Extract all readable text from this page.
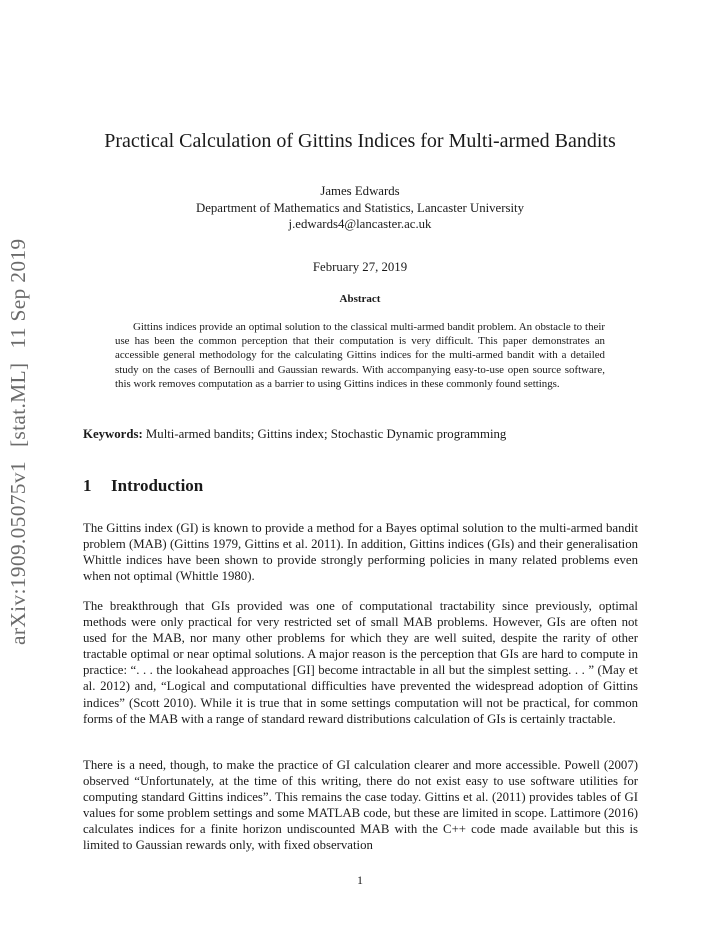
arXiv:1909.05075v1[stat.ML]11 Sep 2019
Practical Calculation of Gittins Indices for Multi-armed Bandits
James Edwards
Department of Mathematics and Statistics, Lancaster University
j.edwards4@lancaster.ac.uk
February 27, 2019
Abstract
Gittins indices provide an optimal solution to the classical multi-armed bandit problem. An obstacle to their use has been the common perception that their computation is very difficult. This paper demonstrates an accessible general methodology for the calculating Gittins indices for the multi-armed bandit with a detailed study on the cases of Bernoulli and Gaussian rewards. With accompanying easy-to-use open source software, this work removes computation as a barrier to using Gittins indices in these commonly found settings.
Keywords: Multi-armed bandits; Gittins index; Stochastic Dynamic programming
1 Introduction
The Gittins index (GI) is known to provide a method for a Bayes optimal solution to the multi-armed bandit problem (MAB) (Gittins 1979, Gittins et al. 2011). In addition, Gittins indices (GIs) and their generalisation Whittle indices have been shown to provide strongly performing policies in many related problems even when not optimal (Whittle 1980).
The breakthrough that GIs provided was one of computational tractability since previously, optimal methods were only practical for very restricted set of small MAB problems. However, GIs are often not used for the MAB, nor many other problems for which they are well suited, despite the rarity of other tractable optimal or near optimal solutions. A major reason is the perception that GIs are hard to compute in practice: “. . . the lookahead approaches [GI] become intractable in all but the simplest setting. . . ” (May et al. 2012) and, “Logical and computational difficulties have prevented the widespread adoption of Gittins indices” (Scott 2010). While it is true that in some settings computation will not be practical, for common forms of the MAB with a range of standard reward distributions calculation of GIs is certainly tractable.
There is a need, though, to make the practice of GI calculation clearer and more accessible. Powell (2007) observed “Unfortunately, at the time of this writing, there do not exist easy to use software utilities for computing standard Gittins indices”. This remains the case today. Gittins et al. (2011) provides tables of GI values for some problem settings and some MATLAB code, but these are limited in scope. Lattimore (2016) calculates indices for a finite horizon undiscounted MAB with the C++ code made available but this is limited to Gaussian rewards only, with fixed observation
1
